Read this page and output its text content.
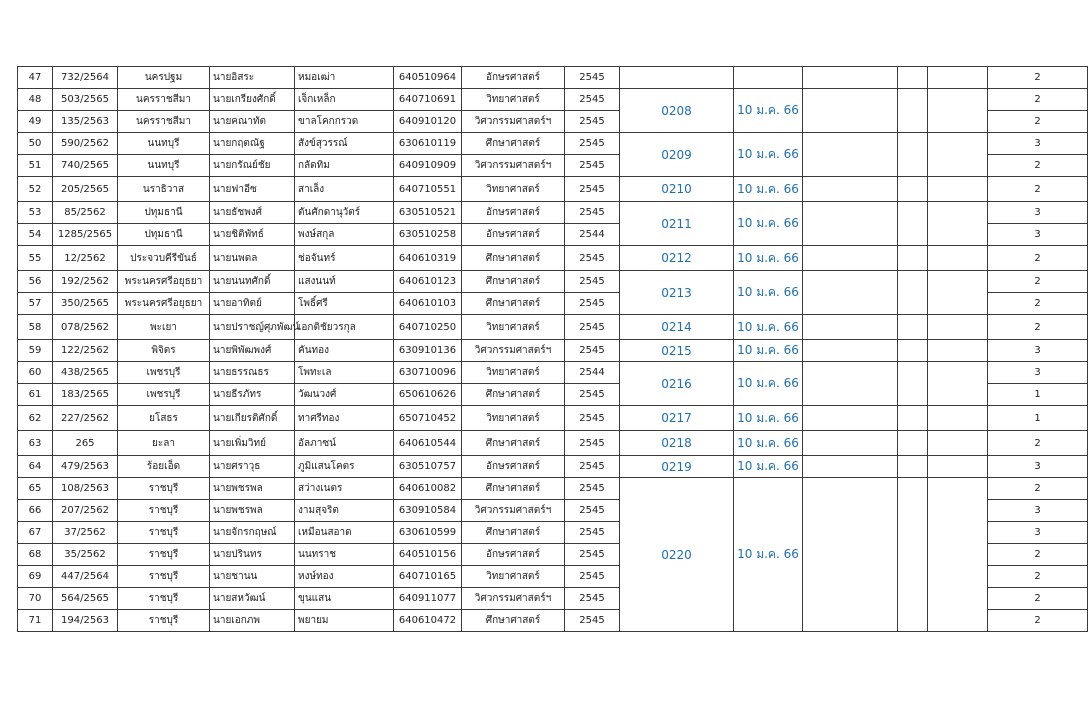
47	732/2564	นครปฐม	นายอิสระ	หมอเฒ่า	640510964	อักษรศาสตร์	2545						2
48	503/2565	นครราชสีมา	นายเกรียงศักดิ์	เจ็กเหล็ก	640710691	วิทยาศาสตร์	2545	0208	10 ม.ค. 66				2
49	135/2563	นครราชสีมา	นายคณาทัต	ขาลโคกกรวด	640910120	วิศวกรรมศาสตร์ฯ	2545						2
50	590/2562	นนทบุรี	นายกฤตณัฐ	สังข์สุวรรณ์	630610119	ศึกษาศาสตร์	2545	0209	10 ม.ค. 66				3
51	740/2565	นนทบุรี	นายกรัณย์ชัย	กลัดทิม	640910909	วิศวกรรมศาสตร์ฯ	2545						2
52	205/2565	นราธิวาส	นายฟาอีซ	สาเล็ง	640710551	วิทยาศาสตร์	2545	0210	10 ม.ค. 66				2
53	85/2562	ปทุมธานี	นายธัชพงศ์	ตันศักดานุวัตร์	630510521	อักษรศาสตร์	2545	0211	10 ม.ค. 66				3
54	1285/2565	ปทุมธานี	นายชิติพัทธ์	พงษ์สกุล	630510258	อักษรศาสตร์	2544						3
55	12/2562	ประจวบคีรีขันธ์	นายนพดล	ช่อจันทร์	640610319	ศึกษาศาสตร์	2545	0212	10 ม.ค. 66				2
56	192/2562	พระนครศรีอยุธยา	นายนนทศักดิ์	แสงนนท์	640610123	ศึกษาศาสตร์	2545	0213	10 ม.ค. 66				2
57	350/2565	พระนครศรีอยุธยา	นายอาทิตย์	โพธิ์ศรี	640610103	ศึกษาศาสตร์	2545						2
58	078/2562	พะเยา	นายปราชญ์ศุภพัฒน์	เอกติชัยวรกุล	640710250	วิทยาศาสตร์	2545	0214	10 ม.ค. 66				2
59	122/2562	พิจิตร	นายพิพัฒพงศ์	คันทอง	630910136	วิศวกรรมศาสตร์ฯ	2545	0215	10 ม.ค. 66				3
60	438/2565	เพชรบุรี	นายธรรณธร	โพทะเล	630710096	วิทยาศาสตร์	2544	0216	10 ม.ค. 66				3
61	183/2565	เพชรบุรี	นายธีรภัทร	วัฒนวงศ์	650610626	ศึกษาศาสตร์	2545						1
62	227/2562	ยโสธร	นายเกียรติศักดิ์	ทาศรีทอง	650710452	วิทยาศาสตร์	2545	0217	10 ม.ค. 66				1
63	265	ยะลา	นายเพิ่มวิทย์	อัลภาซน์	640610544	ศึกษาศาสตร์	2545	0218	10 ม.ค. 66				2
64	479/2563	ร้อยเอ็ด	นายศราวุธ	ภูมิแสนโคตร	630510757	อักษรศาสตร์	2545	0219	10 ม.ค. 66				3
65	108/2563	ราชบุรี	นายพชรพล	สว่างเนตร	640610082	ศึกษาศาสตร์	2545	0220	10 ม.ค. 66				2
66	207/2562	ราชบุรี	นายพชรพล	งามสุจริต	630910584	วิศวกรรมศาสตร์ฯ	2545						3
67	37/2562	ราชบุรี	นายจักรกฤษณ์	เหมือนสอาด	630610599	ศึกษาศาสตร์	2545						3
68	35/2562	ราชบุรี	นายปรินทร	นนทราช	640510156	อักษรศาสตร์	2545						2
69	447/2564	ราชบุรี	นายชานน	หงษ์ทอง	640710165	วิทยาศาสตร์	2545						2
70	564/2565	ราชบุรี	นายสหวัฒน์	ขุนแสน	640911077	วิศวกรรมศาสตร์ฯ	2545						2
71	194/2563	ราชบุรี	นายเอกภพ	พยายม	640610472	ศึกษาศาสตร์	2545						2
